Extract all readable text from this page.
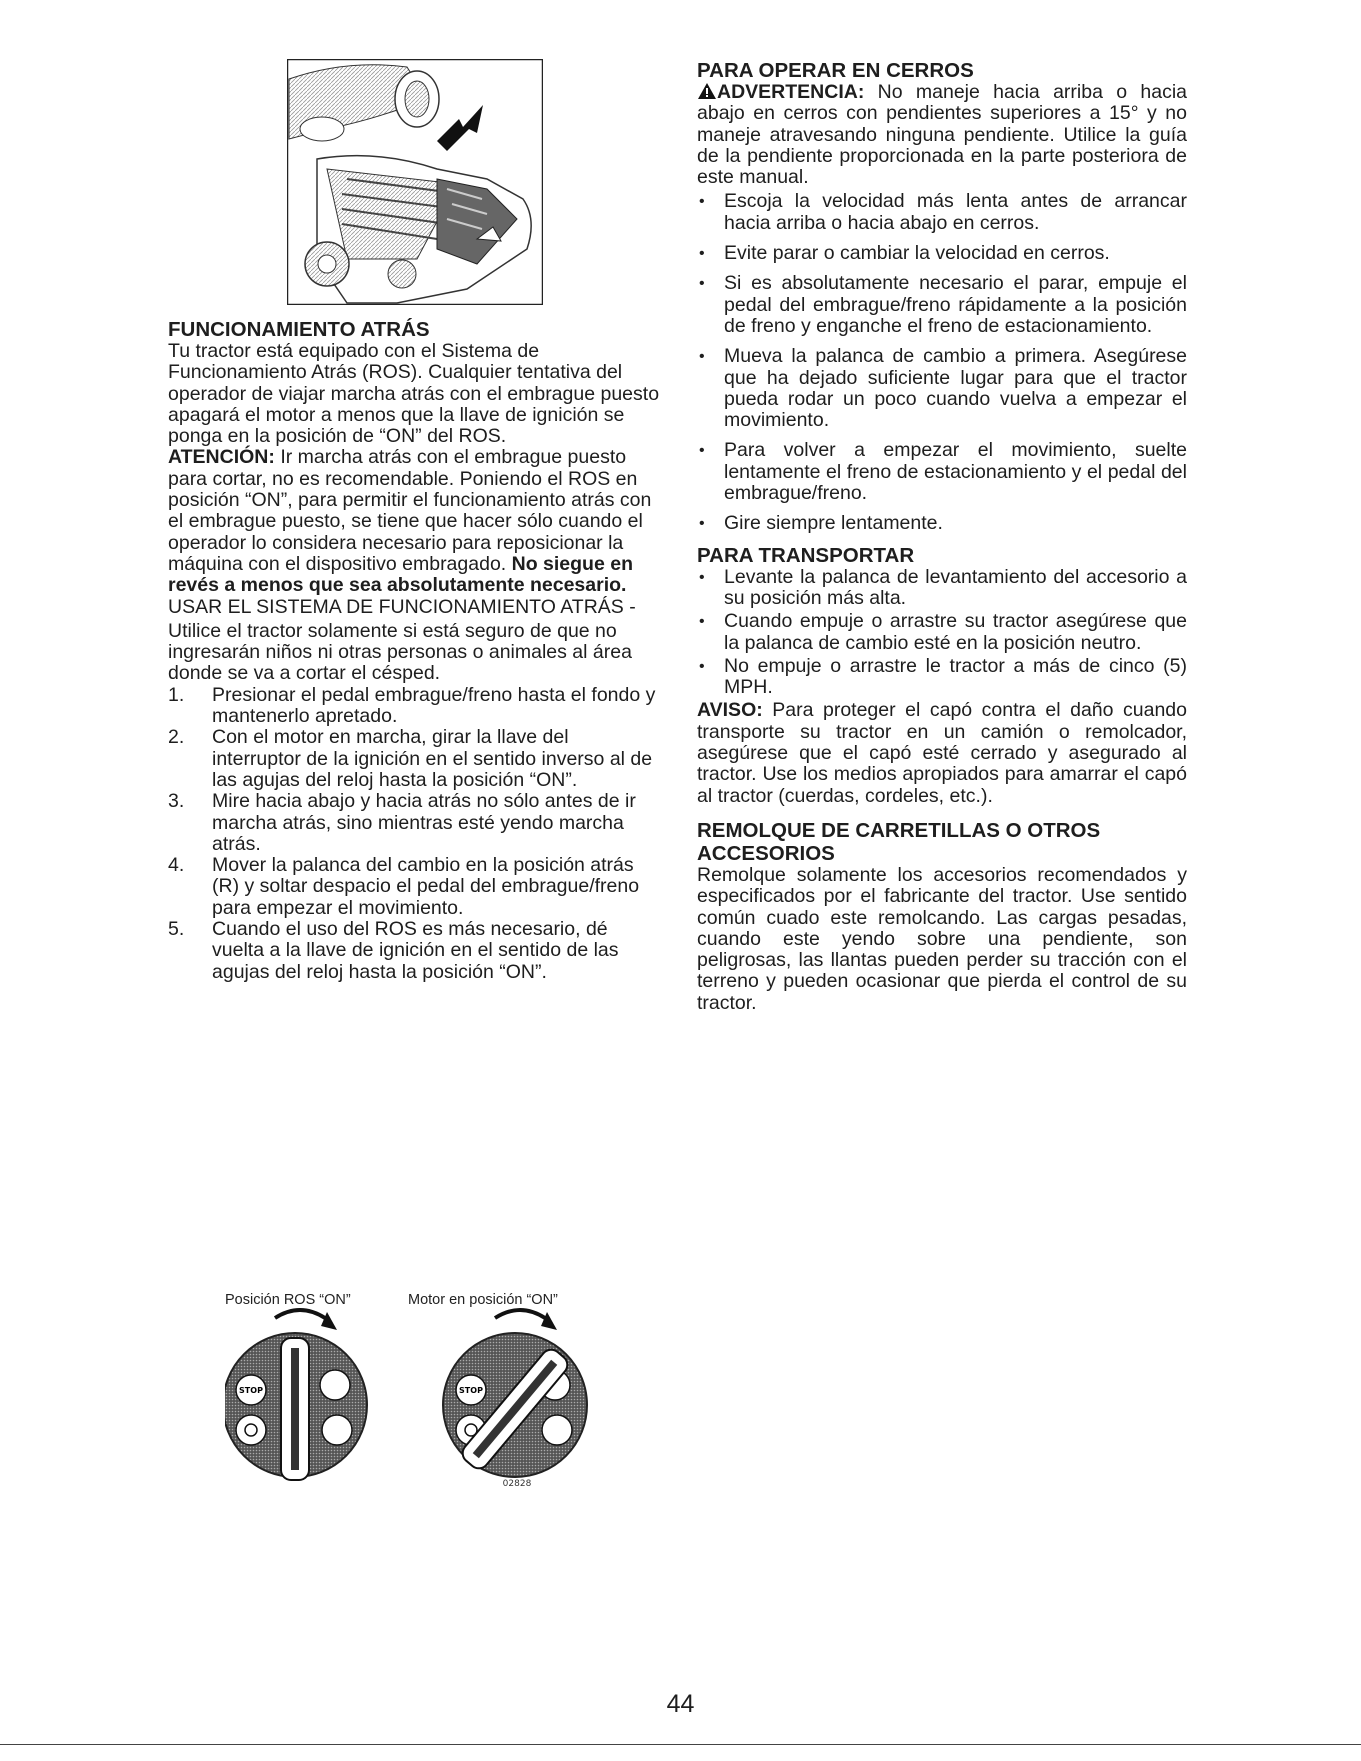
FUNCIONAMIENTO ATRÁS

Tu tractor está equipado con el Sistema de Funcionamiento Atrás (ROS). Cualquier tentativa del operador de viajar marcha atrás con el embrague puesto apagará el motor a menos que la llave de ignición se ponga en la posición de “ON” del ROS.

ATENCIÓN: Ir marcha atrás con el embrague puesto para cortar, no es recomendable. Poniendo el ROS en posición “ON”, para permitir el funcionamiento atrás con el embrague puesto, se tiene que hacer sólo cuando el operador lo considera necesario para reposicionar la máquina con el dispositivo embragado. No siegue en revés a menos que sea absolutamente necesario.

USAR EL SISTEMA DE FUNCIONAMIENTO ATRÁS -

Utilice el tractor solamente si está seguro de que no ingresarán niños ni otras personas o animales al área donde se va a cortar el césped.

1. Presionar el pedal embrague/freno hasta el fondo y mantenerlo apretado.
2. Con el motor en marcha, girar la llave del interruptor de la ignición en el sentido inverso al de las agujas del reloj hasta la posición “ON”.
3. Mire hacia abajo y hacia atrás no sólo antes de ir marcha atrás, sino mientras esté yendo marcha atrás.
4. Mover la palanca del cambio en la posición atrás (R) y soltar despacio el pedal del embrague/freno para empezar el movimiento.
5. Cuando el uso del ROS es más necesario, dé vuelta a la llave de ignición en el sentido de las agujas del reloj hasta la posición “ON”.
Posición ROS “ON”	Motor en posición “ON”
STOP	STOP
02828
PARA OPERAR EN CERROS

ADVERTENCIA: No maneje hacia arriba o hacia abajo en cerros con pendientes superiores a 15° y no maneje atravesando ninguna pendiente. Utilice la guía de la pendiente proporcionada en la parte posteriora de este manual.

• Escoja la velocidad más lenta antes de arrancar hacia arriba o hacia abajo en cerros.
• Evite parar o cambiar la velocidad en cerros.
• Si es absolutamente necesario el parar, empuje el pedal del embrague/freno rápidamente a la posición de freno y enganche el freno de estacionamiento.
• Mueva la palanca de cambio a primera. Asegúrese que ha dejado suficiente lugar para que el tractor pueda rodar un poco cuando vuelva a empezar el movimiento.
• Para volver a empezar el movimiento, suelte lentamente el freno de estacionamiento y el pedal del embrague/freno.
• Gire siempre lentamente.
PARA TRANSPORTAR
• Levante la palanca de levantamiento del accesorio a su posición más alta.
• Cuando empuje o arrastre su tractor asegúrese que la palanca de cambio esté en la posición neutro.
• No empuje o arrastre le tractor a más de cinco (5) MPH.

AVISO: Para proteger el capó contra el daño cuando transporte su tractor en un camión o remolcador, asegúrese que el capó esté cerrado y asegurado al tractor. Use los medios apropiados para amarrar el capó al tractor (cuerdas, cordeles, etc.).

REMOLQUE DE CARRETILLAS O OTROS ACCESORIOS

Remolque solamente los accesorios recomendados y especificados por el fabricante del tractor. Use sentido común cuado este remolcando. Las cargas pesadas, cuando este yendo sobre una pendiente, son peligrosas, las llantas pueden perder su tracción con el terreno y pueden ocasionar que pierda el control de su tractor.

44
